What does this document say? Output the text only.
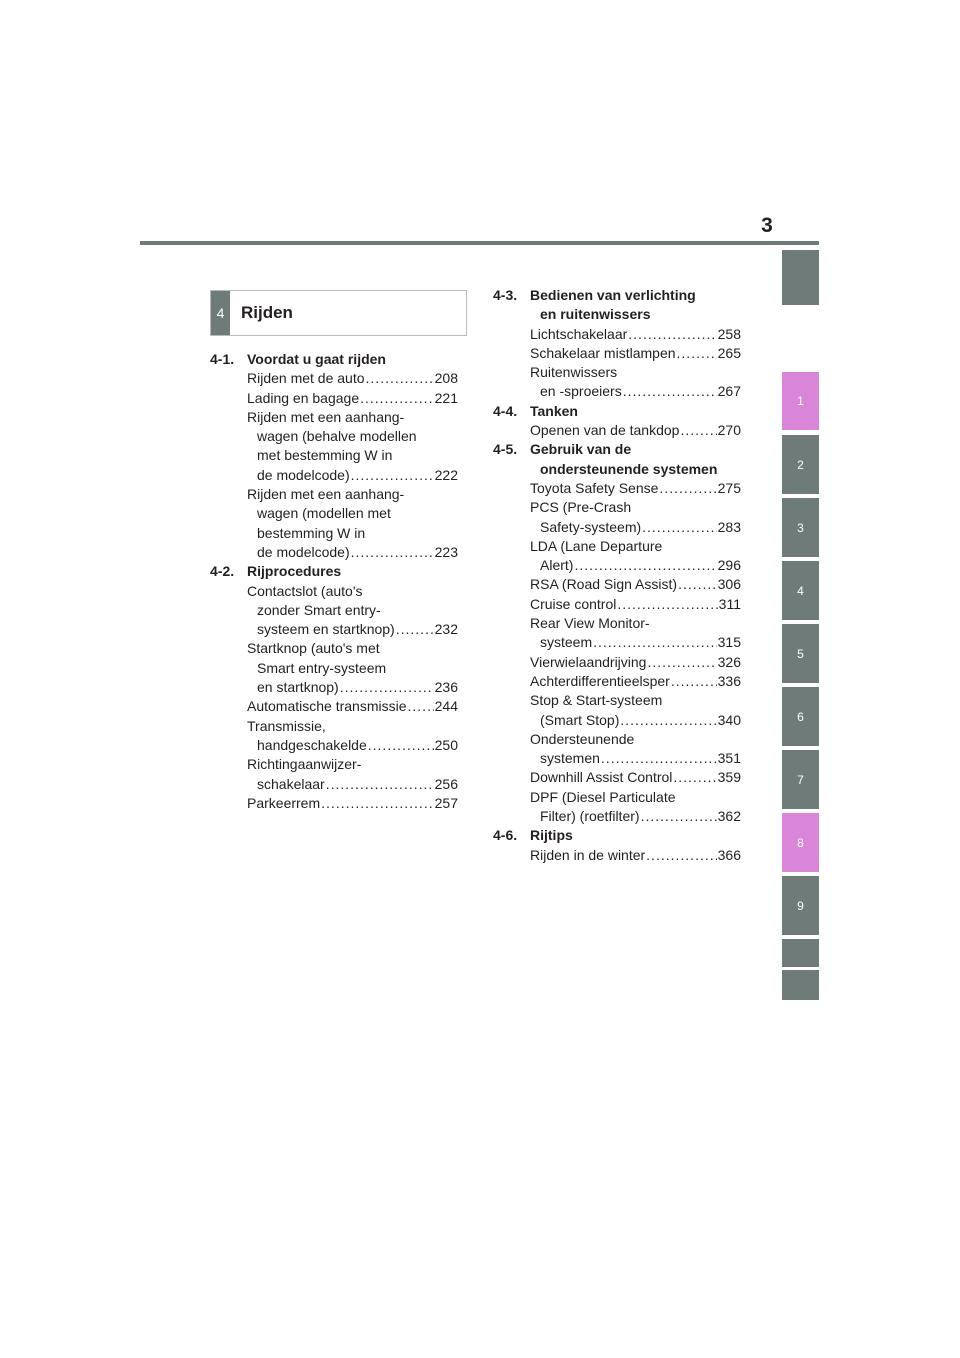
3
1
2
3
4
5
6
7
8
9
4 Rijden
4-1. Voordat u gaat rijden
Rijden met de auto .....	208
Lading en bagage .....	221
Rijden met een aanhang-
wagen (behalve modellen
met bestemming W in
de modelcode) .....	222
Rijden met een aanhang-
wagen (modellen met
bestemming W in
de modelcode) .....	223
4-2. Rijprocedures
Contactslot (auto's
zonder Smart entry-
systeem en startknop) .....	232
Startknop (auto's met
Smart entry-systeem
en startknop) .....	236
Automatische transmissie ..... 244
Transmissie,
handgeschakelde .....	250
Richtingaanwijzer-
schakelaar .....	256
Parkeerrem .....	257
4-3. Bedienen van verlichting
en ruitenwissers
Lichtschakelaar .....	258
Schakelaar mistlampen .....	265
Ruitenwissers
en -sproeiers .....	267
4-4. Tanken
Openen van de tankdop .....	270
4-5. Gebruik van de
ondersteunende systemen
Toyota Safety Sense .....	275
PCS (Pre-Crash
Safety-systeem) .....	283
LDA (Lane Departure
Alert) .....	296
RSA (Road Sign Assist) .....	306
Cruise control .....	311
Rear View Monitor-
systeem .....	315
Vierwielaandrijving .....	326
Achterdifferentieelsper .....	336
Stop & Start-systeem
(Smart Stop) .....	340
Ondersteunende
systemen .....	351
Downhill Assist Control .....	359
DPF (Diesel Particulate
Filter) (roetfilter) .....	362
4-6. Rijtips
Rijden in de winter .....	366
